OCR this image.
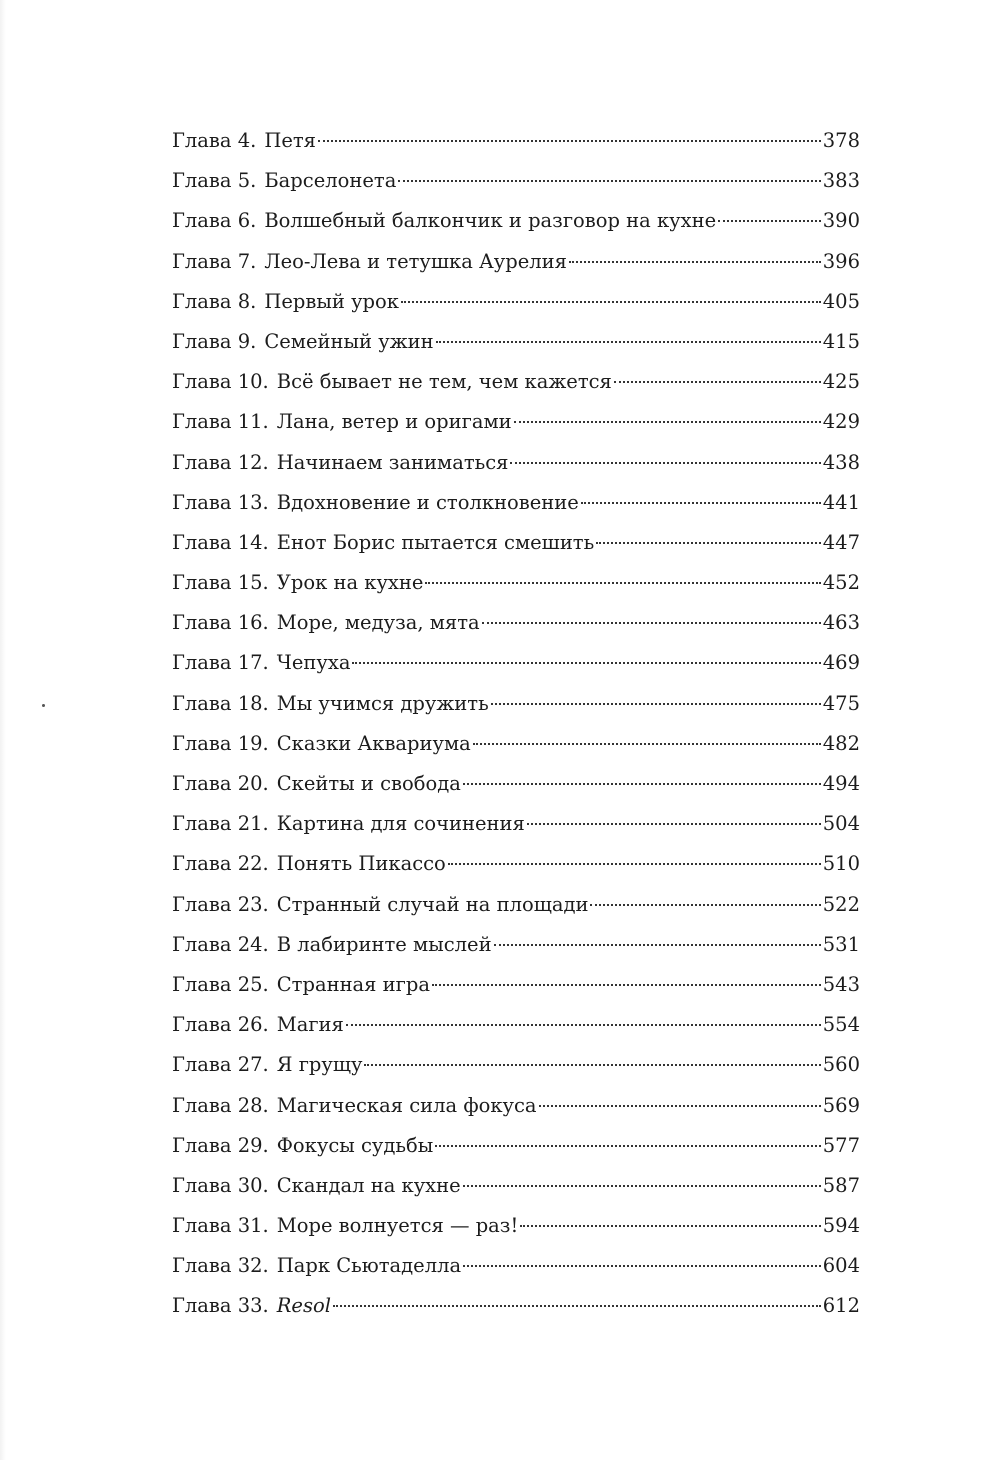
Глава 4. Петя	378
Глава 5. Барселонета	383
Глава 6. Волшебный балкончик и разговор на кухне	390
Глава 7. Лео-Лева и тетушка Аурелия	396
Глава 8. Первый урок	405
Глава 9. Семейный ужин	415
Глава 10. Всё бывает не тем, чем кажется	425
Глава 11. Лана, ветер и оригами	429
Глава 12. Начинаем заниматься	438
Глава 13. Вдохновение и столкновение	441
Глава 14. Енот Борис пытается смешить	447
Глава 15. Урок на кухне	452
Глава 16. Море, медуза, мята	463
Глава 17. Чепуха	469
Глава 18. Мы учимся дружить	475
Глава 19. Сказки Аквариума	482
Глава 20. Скейты и свобода	494
Глава 21. Картина для сочинения	504
Глава 22. Понять Пикассо	510
Глава 23. Странный случай на площади	522
Глава 24. В лабиринте мыслей	531
Глава 25. Странная игра	543
Глава 26. Магия	554
Глава 27. Я грущу	560
Глава 28. Магическая сила фокуса	569
Глава 29. Фокусы судьбы	577
Глава 30. Скандал на кухне	587
Глава 31. Море волнуется — раз!	594
Глава 32. Парк Сьютаделла	604
Глава 33. Resol	612
